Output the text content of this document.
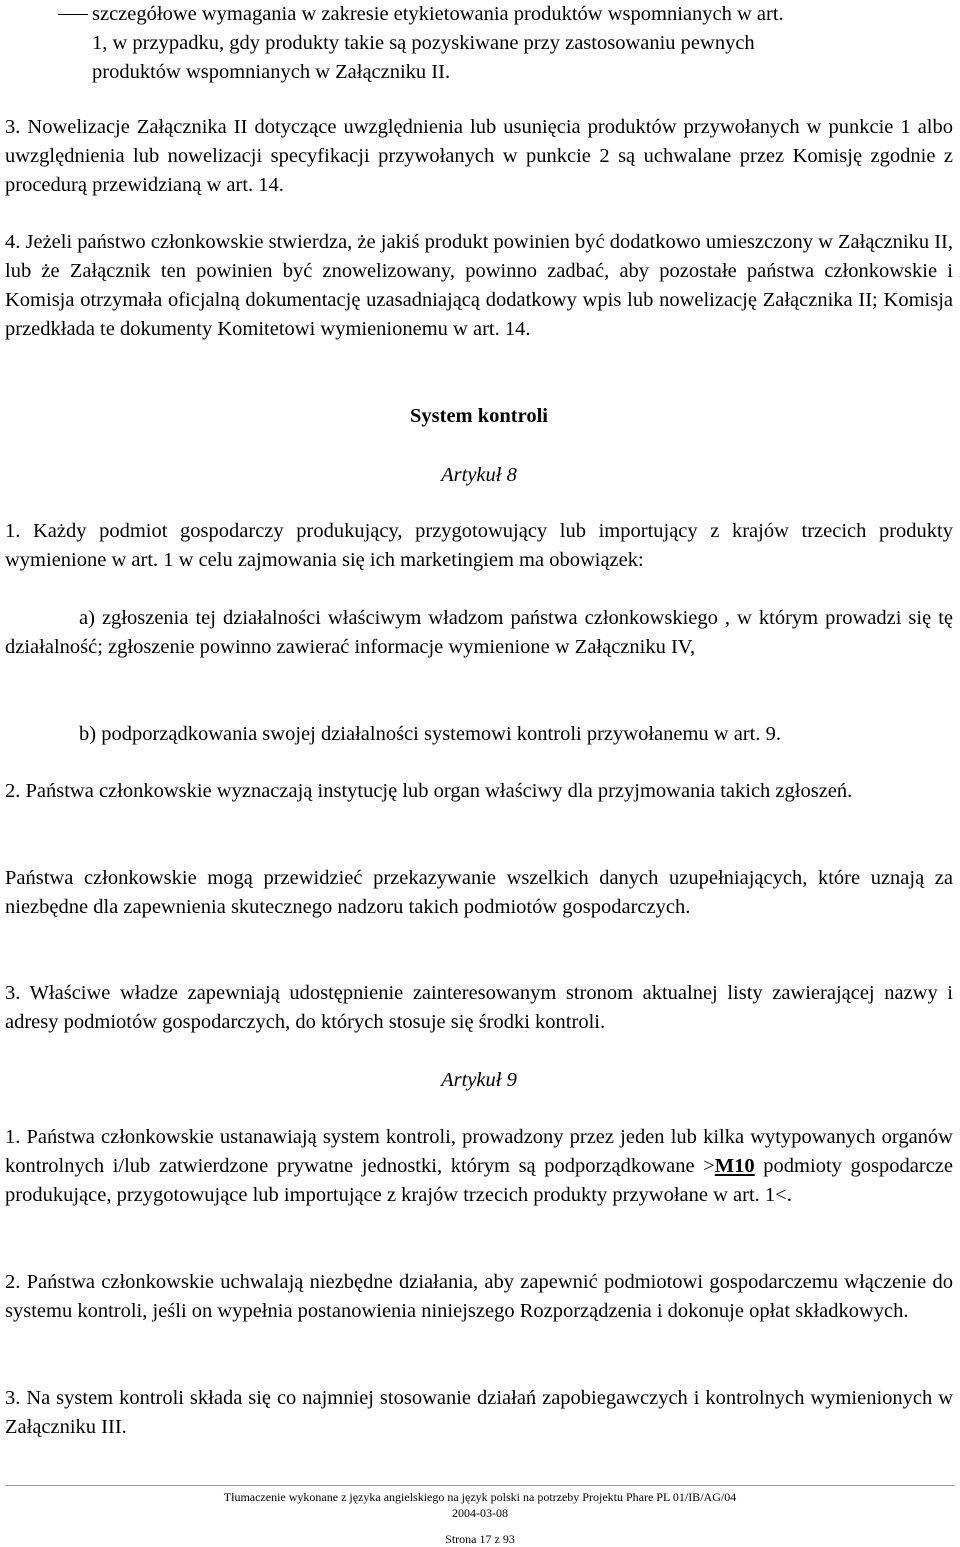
szczegółowe wymagania w zakresie etykietowania produktów wspomnianych w art.
1, w przypadku, gdy produkty takie są pozyskiwane przy zastosowaniu pewnych
produktów wspomnianych w Załączniku II.
3. Nowelizacje Załącznika II dotyczące uwzględnienia lub usunięcia produktów przywołanych w punkcie 1 albo uwzględnienia lub nowelizacji specyfikacji przywołanych w punkcie 2 są uchwalane przez Komisję zgodnie z procedurą przewidzianą w art. 14.
4. Jeżeli państwo członkowskie stwierdza, że jakiś produkt powinien być dodatkowo umieszczony w Załączniku II, lub że Załącznik ten powinien być znowelizowany, powinno zadbać, aby pozostałe państwa członkowskie i Komisja otrzymała oficjalną dokumentację uzasadniającą dodatkowy wpis lub nowelizację Załącznika II; Komisja przedkłada te dokumenty Komitetowi wymienionemu w art. 14.
System kontroli
Artykuł 8
1. Każdy podmiot gospodarczy produkujący, przygotowujący lub importujący z krajów trzecich produkty wymienione w art. 1 w celu zajmowania się ich marketingiem ma obowiązek:
a) zgłoszenia tej działalności właściwym władzom państwa członkowskiego , w którym prowadzi się tę działalność; zgłoszenie powinno zawierać informacje wymienione w Załączniku IV,
b) podporządkowania swojej działalności systemowi kontroli przywołanemu w art. 9.
2. Państwa członkowskie wyznaczają instytucję lub organ właściwy dla przyjmowania takich zgłoszeń.
Państwa członkowskie mogą przewidzieć przekazywanie wszelkich danych uzupełniających, które uznają za niezbędne dla zapewnienia skutecznego nadzoru takich podmiotów gospodarczych.
3. Właściwe władze zapewniają udostępnienie zainteresowanym stronom aktualnej listy zawierającej nazwy i adresy podmiotów gospodarczych, do których stosuje się środki kontroli.
Artykuł 9
1. Państwa członkowskie ustanawiają system kontroli, prowadzony przez jeden lub kilka wytypowanych organów kontrolnych i/lub zatwierdzone prywatne jednostki, którym są podporządkowane >M10 podmioty gospodarcze produkujące, przygotowujące lub importujące z krajów trzecich produkty przywołane w art. 1<.
2. Państwa członkowskie uchwalają niezbędne działania, aby zapewnić podmiotowi gospodarczemu włączenie do systemu kontroli, jeśli on wypełnia postanowienia niniejszego Rozporządzenia i dokonuje opłat składkowych.
3. Na system kontroli składa się co najmniej stosowanie działań zapobiegawczych i kontrolnych wymienionych w Załączniku III.
Tłumaczenie wykonane z języka angielskiego na język polski na potrzeby Projektu Phare PL 01/IB/AG/04
2004-03-08
Strona 17 z 93
